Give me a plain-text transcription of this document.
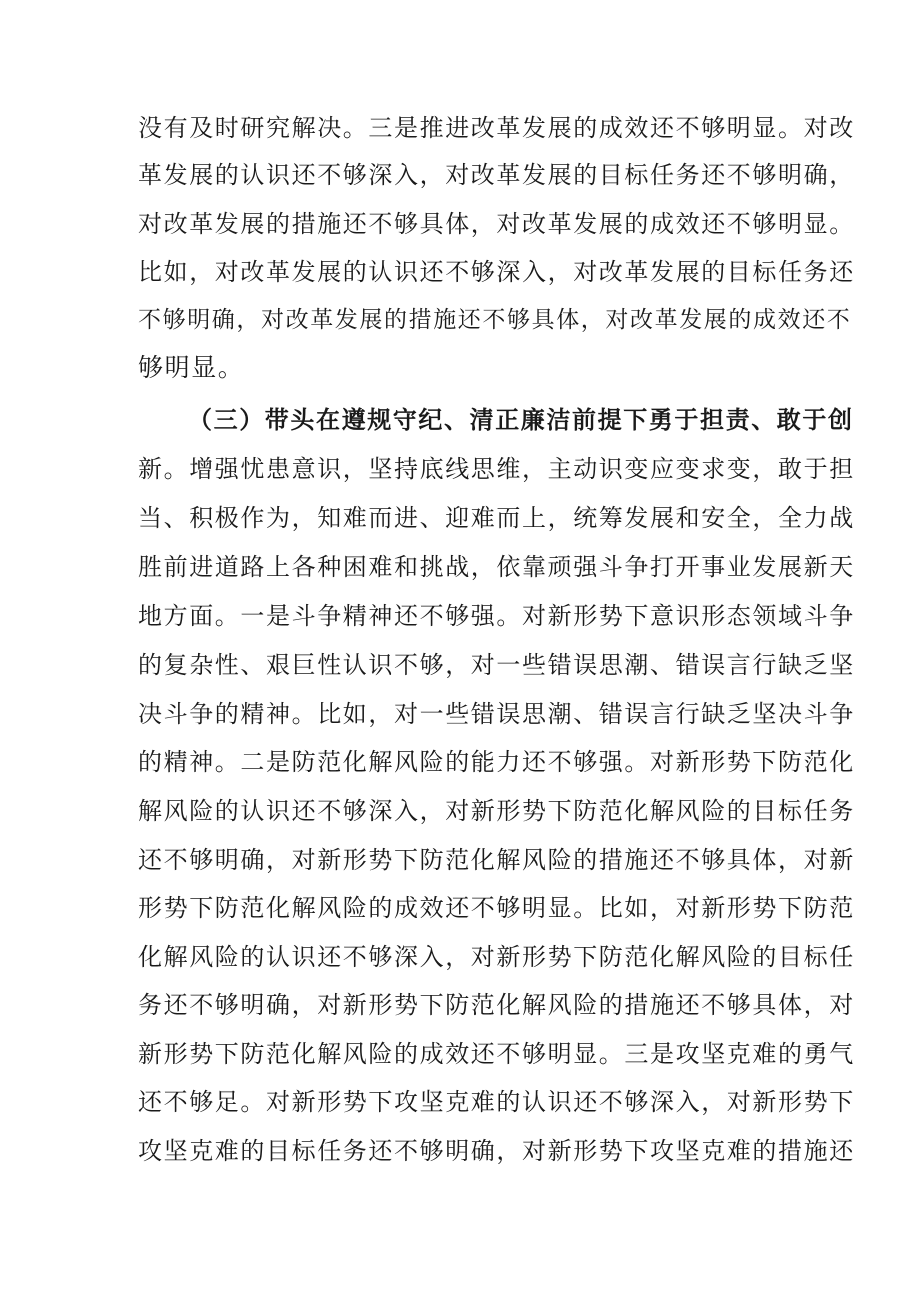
没有及时研究解决。三是推进改革发展的成效还不够明显。对改
革发展的认识还不够深入，对改革发展的目标任务还不够明确，
对改革发展的措施还不够具体，对改革发展的成效还不够明显。
比如，对改革发展的认识还不够深入，对改革发展的目标任务还
不够明确，对改革发展的措施还不够具体，对改革发展的成效还不
够明显。
（三）带头在遵规守纪、清正廉洁前提下勇于担责、敢于创
新。增强忧患意识，坚持底线思维，主动识变应变求变，敢于担
当、积极作为，知难而进、迎难而上，统筹发展和安全，全力战
胜前进道路上各种困难和挑战，依靠顽强斗争打开事业发展新天
地方面。一是斗争精神还不够强。对新形势下意识形态领域斗争
的复杂性、艰巨性认识不够，对一些错误思潮、错误言行缺乏坚
决斗争的精神。比如，对一些错误思潮、错误言行缺乏坚决斗争
的精神。二是防范化解风险的能力还不够强。对新形势下防范化
解风险的认识还不够深入，对新形势下防范化解风险的目标任务
还不够明确，对新形势下防范化解风险的措施还不够具体，对新
形势下防范化解风险的成效还不够明显。比如，对新形势下防范
化解风险的认识还不够深入，对新形势下防范化解风险的目标任
务还不够明确，对新形势下防范化解风险的措施还不够具体，对
新形势下防范化解风险的成效还不够明显。三是攻坚克难的勇气
还不够足。对新形势下攻坚克难的认识还不够深入，对新形势下
攻坚克难的目标任务还不够明确，对新形势下攻坚克难的措施还
